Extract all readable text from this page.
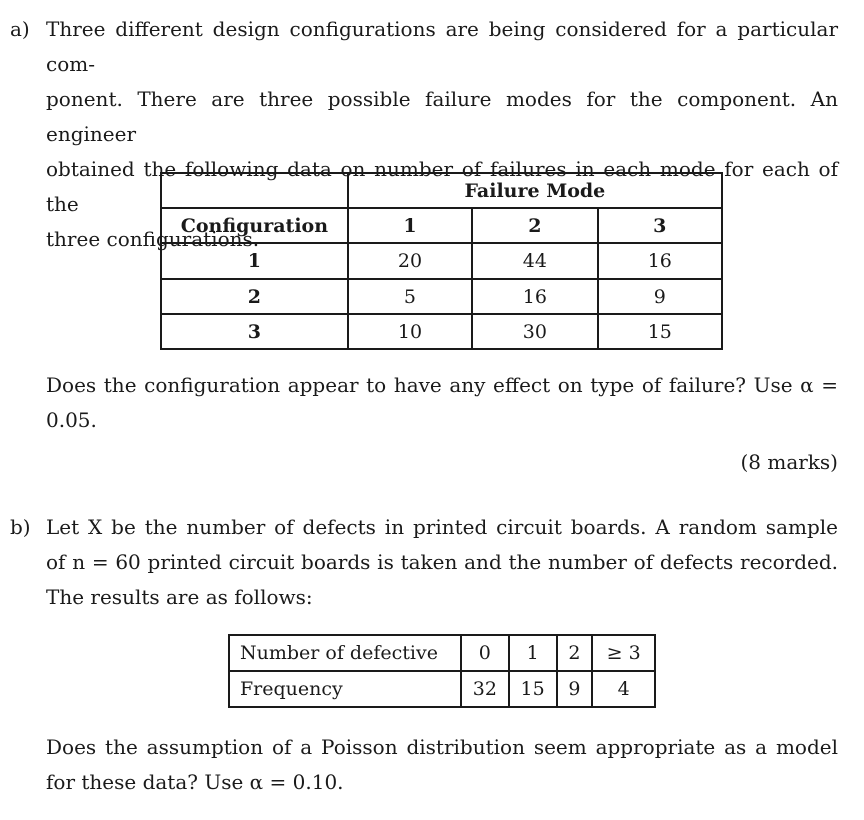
a) Three different design configurations are being considered for a particular com-
ponent. There are three possible failure modes for the component. An engineer
obtained the following data on number of failures in each mode for each of the
three configurations.
	Failure Mode		
Configuration	1	2	3
1	20	44	16
2	5	16	9
3	10	30	15
Does the configuration appear to have any effect on type of failure? Use α =
0.05.
(8 marks)
b) Let X be the number of defects in printed circuit boards. A random sample
of n = 60 printed circuit boards is taken and the number of defects recorded.
The results are as follows:
Number of defective	0	1	2	≥ 3
Frequency	32	15	9	4
Does the assumption of a Poisson distribution seem appropriate as a model
for these data? Use α = 0.10.
